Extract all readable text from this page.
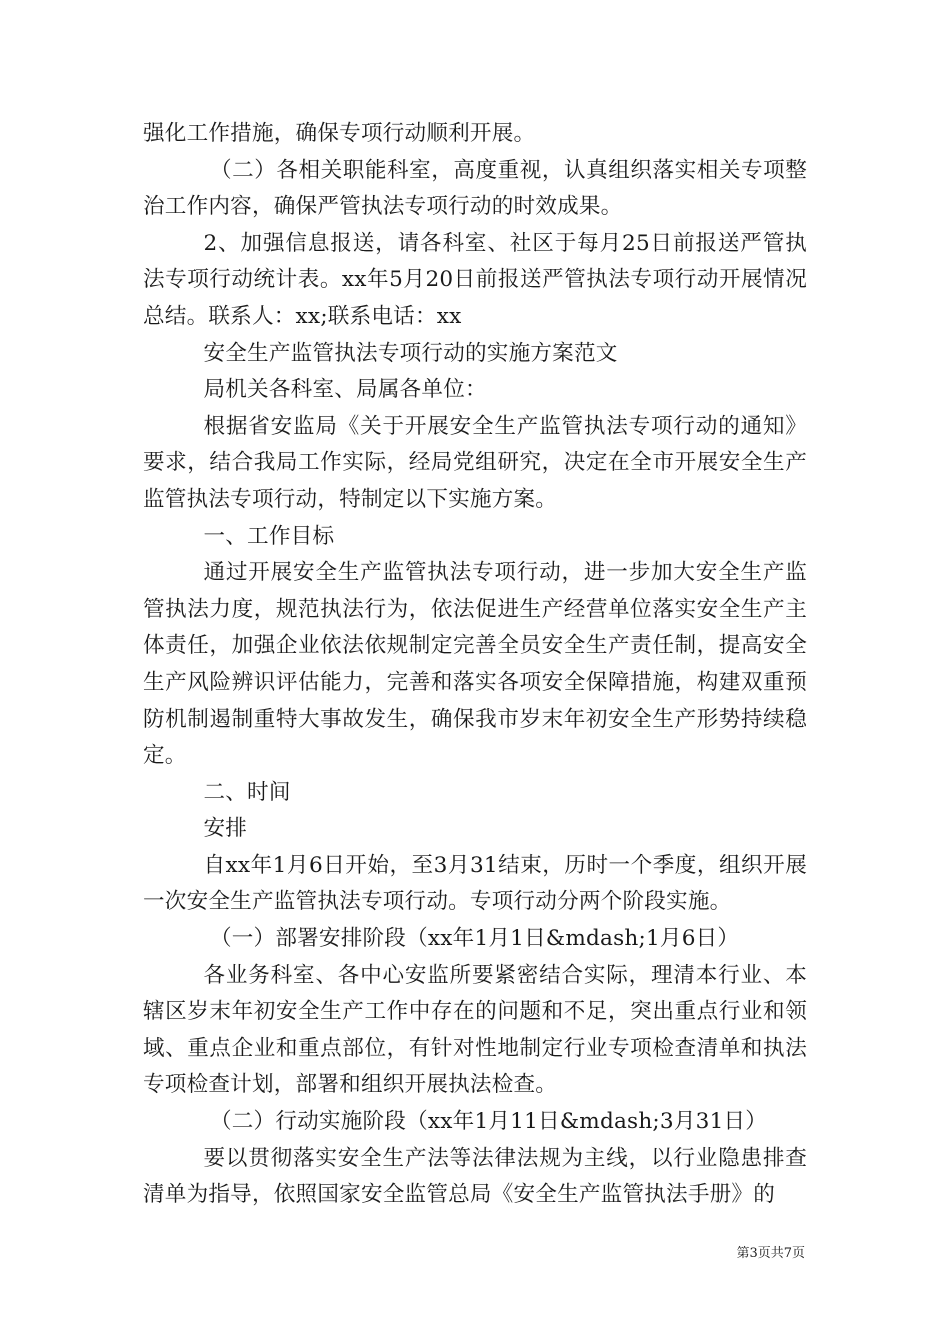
强化工作措施，确保专项行动顺利开展。

（二）各相关职能科室，高度重视，认真组织落实相关专项整治工作内容，确保严管执法专项行动的时效成果。

2、加强信息报送，请各科室、社区于每月25日前报送严管执法专项行动统计表。xx年5月20日前报送严管执法专项行动开展情况总结。联系人：xx;联系电话：xx

安全生产监管执法专项行动的实施方案范文

局机关各科室、局属各单位：

根据省安监局《关于开展安全生产监管执法专项行动的通知》要求，结合我局工作实际，经局党组研究，决定在全市开展安全生产监管执法专项行动，特制定以下实施方案。

一、工作目标

通过开展安全生产监管执法专项行动，进一步加大安全生产监管执法力度，规范执法行为，依法促进生产经营单位落实安全生产主体责任，加强企业依法依规制定完善全员安全生产责任制，提高安全生产风险辨识评估能力，完善和落实各项安全保障措施，构建双重预防机制遏制重特大事故发生，确保我市岁末年初安全生产形势持续稳定。

二、时间

安排

自xx年1月6日开始，至3月31结束，历时一个季度，组织开展一次安全生产监管执法专项行动。专项行动分两个阶段实施。

（一）部署安排阶段（xx年1月1日&mdash;1月6日）

各业务科室、各中心安监所要紧密结合实际，理清本行业、本辖区岁末年初安全生产工作中存在的问题和不足，突出重点行业和领域、重点企业和重点部位，有针对性地制定行业专项检查清单和执法专项检查计划，部署和组织开展执法检查。

（二）行动实施阶段（xx年1月11日&mdash;3月31日）

要以贯彻落实安全生产法等法律法规为主线，以行业隐患排查清单为指导，依照国家安全监管总局《安全生产监管执法手册》的

第3页共7页
